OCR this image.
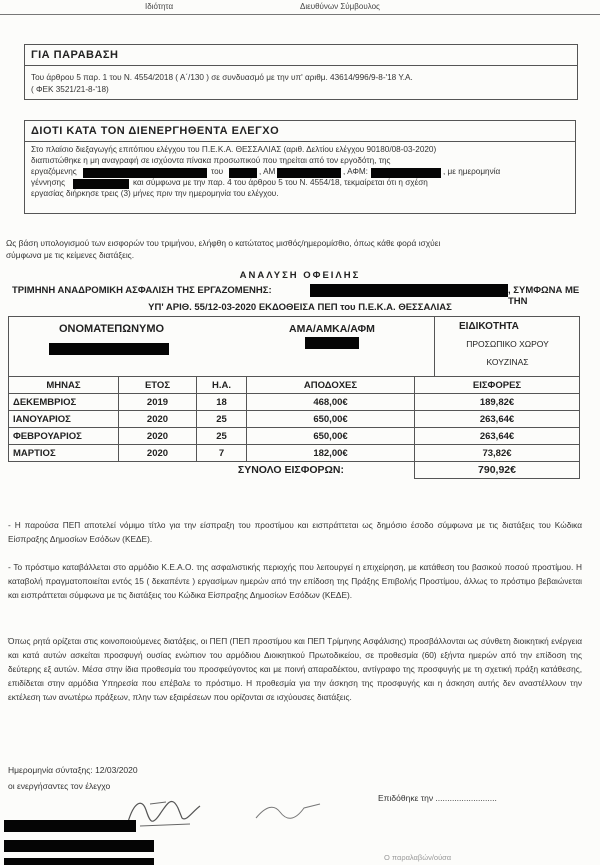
Ιδιότητα	Διευθύνων Σύμβουλος
ΓΙΑ ΠΑΡΑΒΑΣΗ
Του άρθρου 5 παρ. 1 του Ν. 4554/2018 ( Α΄/130 ) σε συνδυασμό με την υπ' αριθμ. 43614/996/9-8-'18 Υ.Α.
( ΦΕΚ 3521/21-8-'18)
ΔΙΟΤΙ ΚΑΤΑ ΤΟΝ ΔΙΕΝΕΡΓΗΘΕΝΤΑ ΕΛΕΓΧΟ
Στο πλαίσιο διεξαγωγής επιτόπιου ελέγχου του Π.Ε.Κ.Α. ΘΕΣΣΑΛΙΑΣ (αριθ. Δελτίου ελέγχου 90180/08-03-2020)
διαπιστώθηκε η μη αναγραφή σε ισχύοντα πίνακα προσωπικού που τηρείται από τον εργοδότη, της
εργαζόμενης	του	, ΑΜ	, ΑΦΜ:	, με ημερομηνία
γέννησης	και σύμφωνα με την παρ. 4 του άρθρου 5 του Ν. 4554/18, τεκμαίρεται ότι η σχέση
εργασίας διήρκησε τρεις (3) μήνες πριν την ημερομηνία του ελέγχου.
Ως βάση υπολογισμού των εισφορών του τριμήνου, ελήφθη ο κατώτατος μισθός/ημερομίσθιο, όπως κάθε φορά ισχύει
σύμφωνα με τις κείμενες διατάξεις.
ΑΝΑΛΥΣΗ ΟΦΕΙΛΗΣ
ΤΡΙΜΗΝΗ ΑΝΑΔΡΟΜΙΚΗ ΑΣΦΑΛΙΣΗ ΤΗΣ ΕΡΓΑΖΟΜΕΝΗΣ:	, ΣΥΜΦΩΝΑ ΜΕ ΤΗΝ
ΥΠ' ΑΡΙΘ. 55/12-03-2020 ΕΚΔΟΘΕΙΣΑ ΠΕΠ του Π.Ε.Κ.Α. ΘΕΣΣΑΛΙΑΣ
ΟΝΟΜΑΤΕΠΩΝΥΜΟ	ΑΜΑ/ΑΜΚΑ/ΑΦΜ	ΕΙΔΙΚΟΤΗΤΑ
ΠΡΟΣΩΠΙΚΟ ΧΩΡΟΥ
ΚΟΥΖΙΝΑΣ
ΜΗΝΑΣ	ΕΤΟΣ	Η.Α.	ΑΠΟΔΟΧΕΣ	ΕΙΣΦΟΡΕΣ
ΔΕΚΕΜΒΡΙΟΣ	2019	18	468,00€	189,82€
ΙΑΝΟΥΑΡΙΟΣ	2020	25	650,00€	263,64€
ΦΕΒΡΟΥΑΡΙΟΣ	2020	25	650,00€	263,64€
ΜΑΡΤΙΟΣ	2020	7	182,00€	73,82€
ΣΥΝΟΛΟ ΕΙΣΦΟΡΩΝ:				790,92€
- Η παρούσα ΠΕΠ αποτελεί νόμιμο τίτλο για την είσπραξη του προστίμου και εισπράττεται ως δημόσιο έσοδο σύμφωνα με τις διατάξεις του Κώδικα Είσπραξης Δημοσίων Εσόδων (ΚΕΔΕ).
- Το πρόστιμο καταβάλλεται στο αρμόδιο Κ.Ε.Α.Ο. της ασφαλιστικής περιοχής που λειτουργεί η επιχείρηση, με κατάθεση του βασικού ποσού προστίμου. Η καταβολή πραγματοποιείται εντός 15 ( δεκαπέντε ) εργασίμων ημερών από την επίδοση της Πράξης Επιβολής Προστίμου, άλλως το πρόστιμο βεβαιώνεται και εισπράττεται σύμφωνα με τις διατάξεις του Κώδικα Είσπραξης Δημοσίων Εσόδων (ΚΕΔΕ).
Όπως ρητά ορίζεται στις κοινοποιούμενες διατάξεις, οι ΠΕΠ (ΠΕΠ προστίμου και ΠΕΠ Τρίμηνης Ασφάλισης) προσβάλλονται ως σύνθετη διοικητική ενέργεια και κατά αυτών ασκείται προσφυγή ουσίας ενώπιον του αρμόδιου Διοικητικού Πρωτοδικείου, σε προθεσμία (60) εξήντα ημερών από την επίδοση της δεύτερης εξ αυτών. Μέσα στην ίδια προθεσμία του προσφεύγοντος και με ποινή απαραδέκτου, αντίγραφο της προσφυγής με τη σχετική πράξη κατάθεσης, επιδίδεται στην αρμόδια Υπηρεσία που επέβαλε το πρόστιμο. Η προθεσμία για την άσκηση της προσφυγής και η άσκηση αυτής δεν αναστέλλουν την εκτέλεση των ανωτέρω πράξεων, πλην των εξαιρέσεων που ορίζονται σε ισχύουσες διατάξεις.
Ημερομηνία σύνταξης: 12/03/2020
οι ενεργήσαντες τον έλεγχο
Επιδόθηκε την ..........................
Ο παραλαβών/ούσα
